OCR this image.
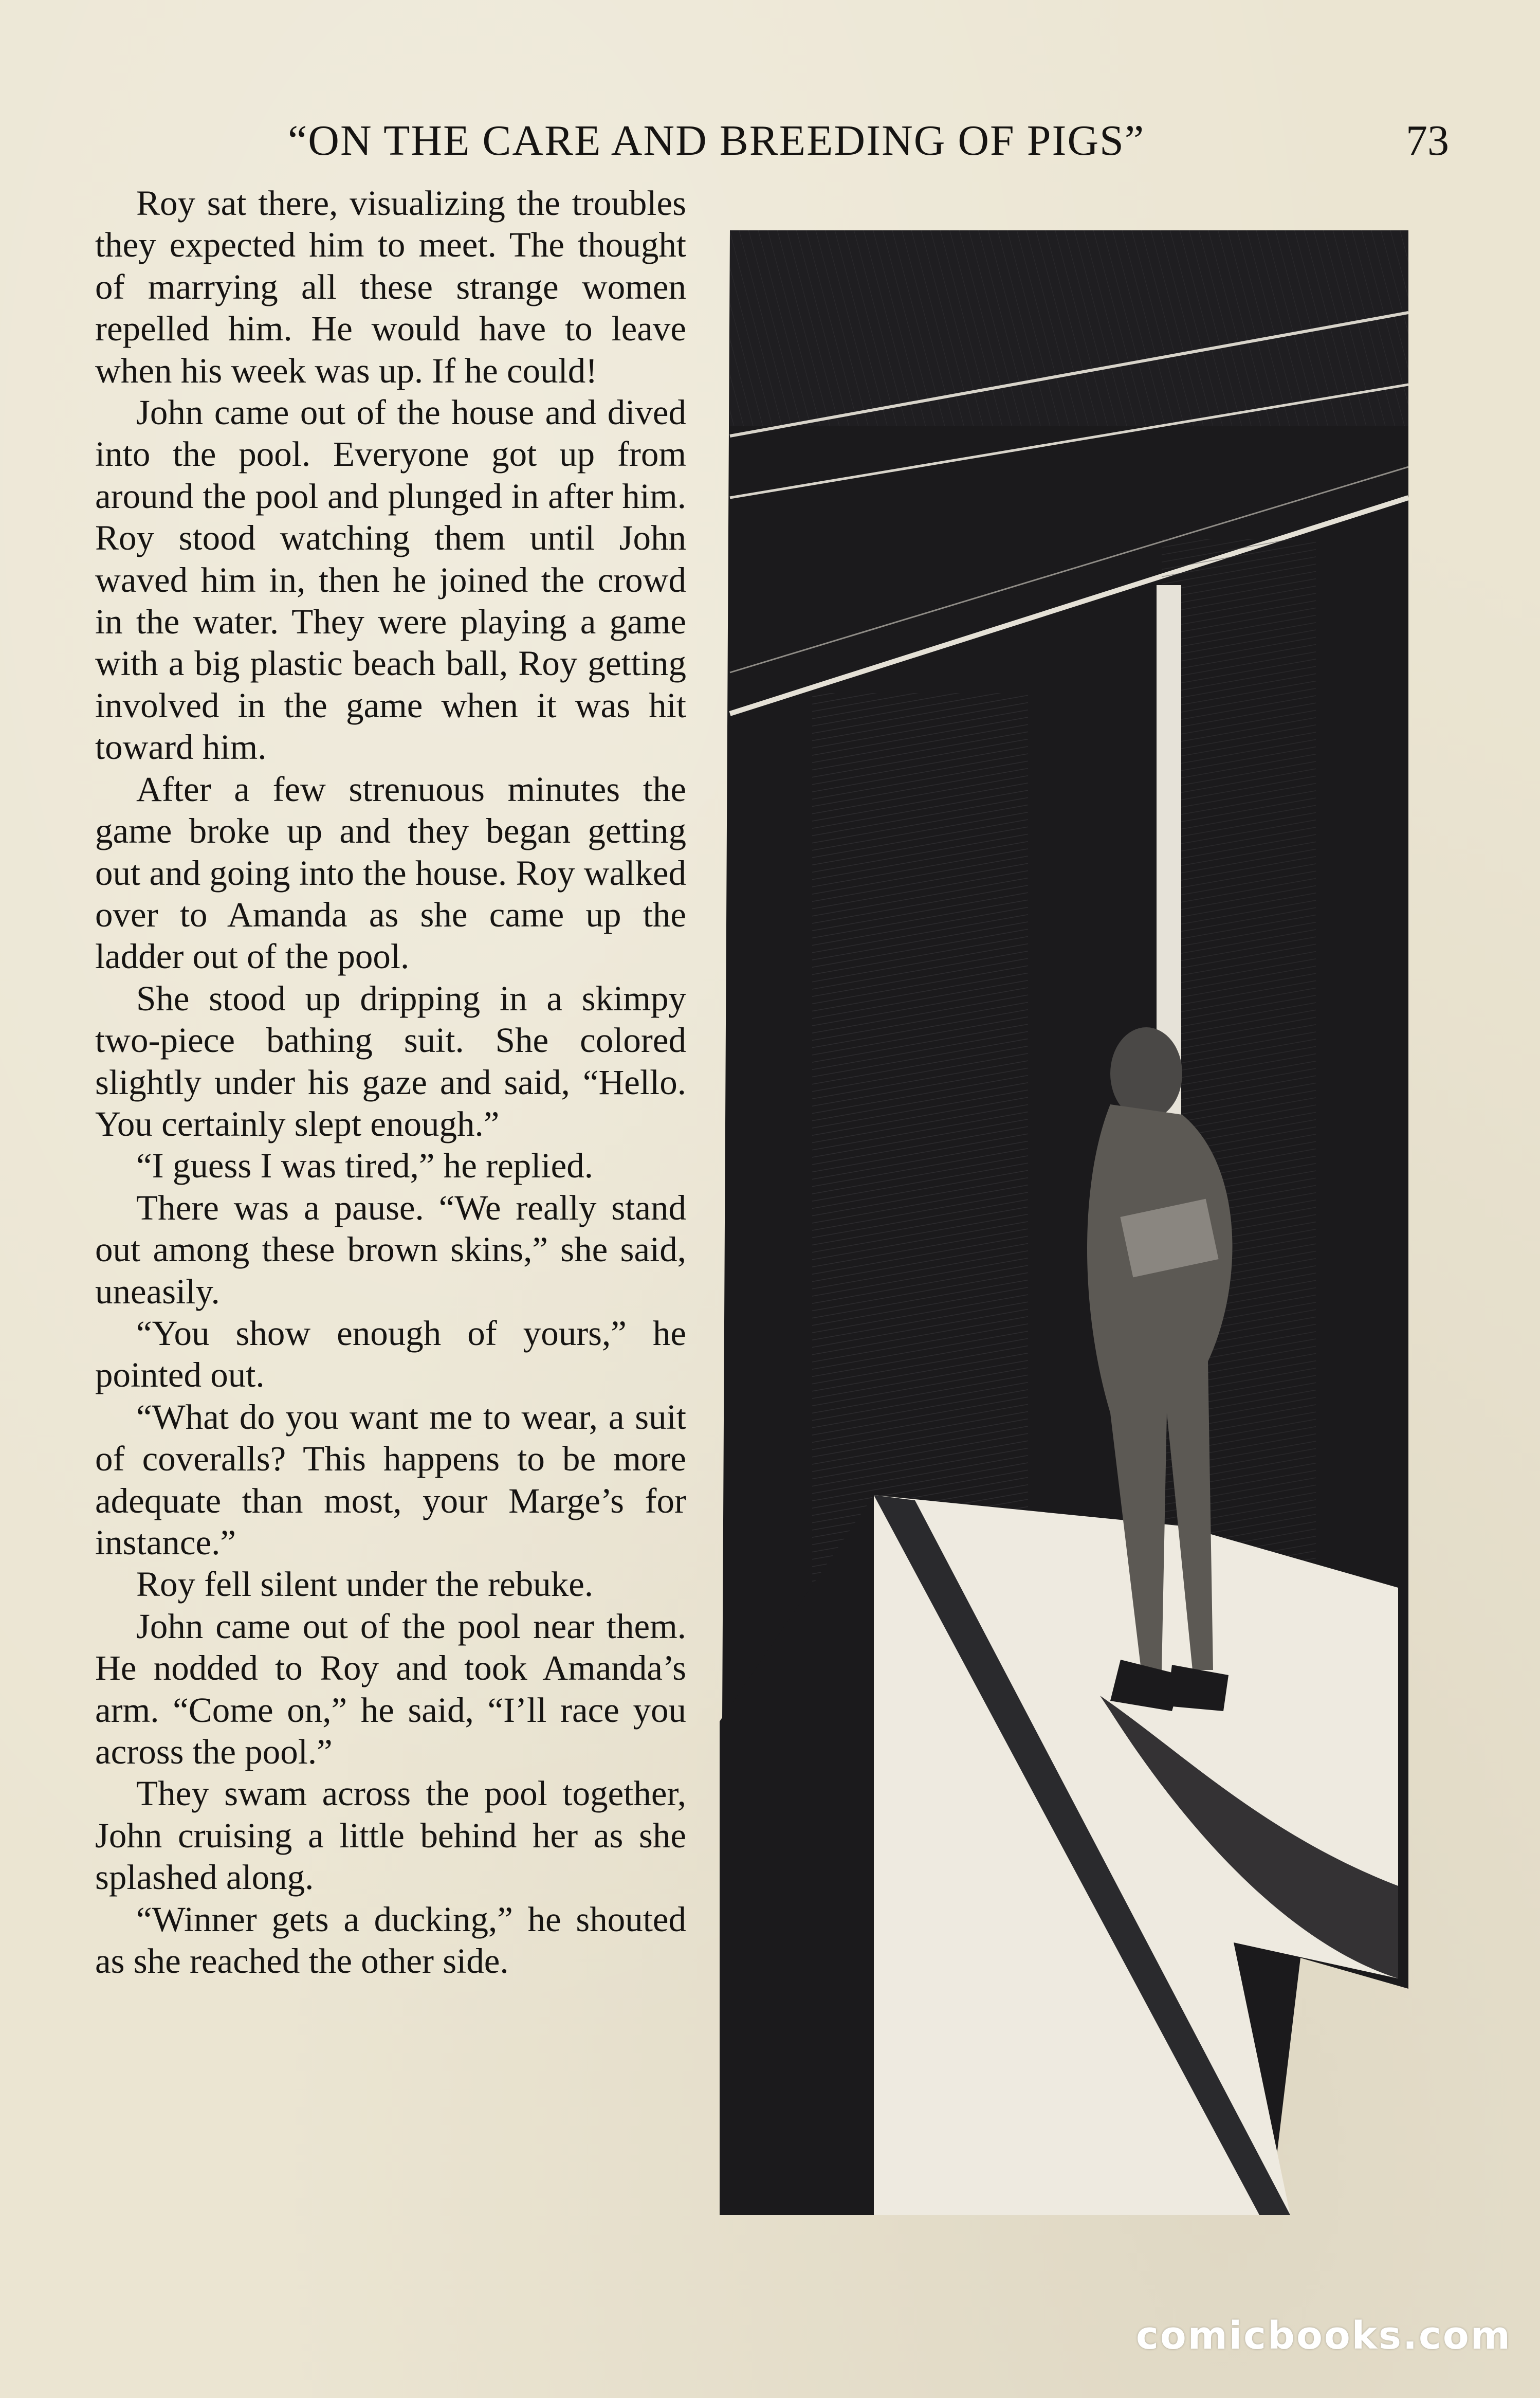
“ON THE CARE AND BREEDING OF PIGS”	73

Roy sat there, visualizing the troubles they expected him to meet. The thought of marrying all these strange women repelled him. He would have to leave when his week was up. If he could!

John came out of the house and dived into the pool. Everyone got up from around the pool and plunged in after him. Roy stood watching them until John waved him in, then he joined the crowd in the water. They were playing a game with a big plastic beach ball, Roy getting involved in the game when it was hit toward him.

After a few strenuous minutes the game broke up and they began getting out and going into the house. Roy walked over to Amanda as she came up the ladder out of the pool.

She stood up dripping in a skimpy two-piece bathing suit. She colored slightly under his gaze and said, “Hello. You certainly slept enough.”

“I guess I was tired,” he replied.

There was a pause. “We really stand out among these brown skins,” she said, uneasily.

“You show enough of yours,” he pointed out.

“What do you want me to wear, a suit of coveralls? This happens to be more adequate than most, your Marge’s for instance.”

Roy fell silent under the rebuke.

John came out of the pool near them. He nodded to Roy and took Amanda’s arm. “Come on,” he said, “I’ll race you across the pool.”

They swam across the pool together, John cruising a little behind her as she splashed along.

“Winner gets a ducking,” he shouted as she reached the other side.

comicbooks.com
